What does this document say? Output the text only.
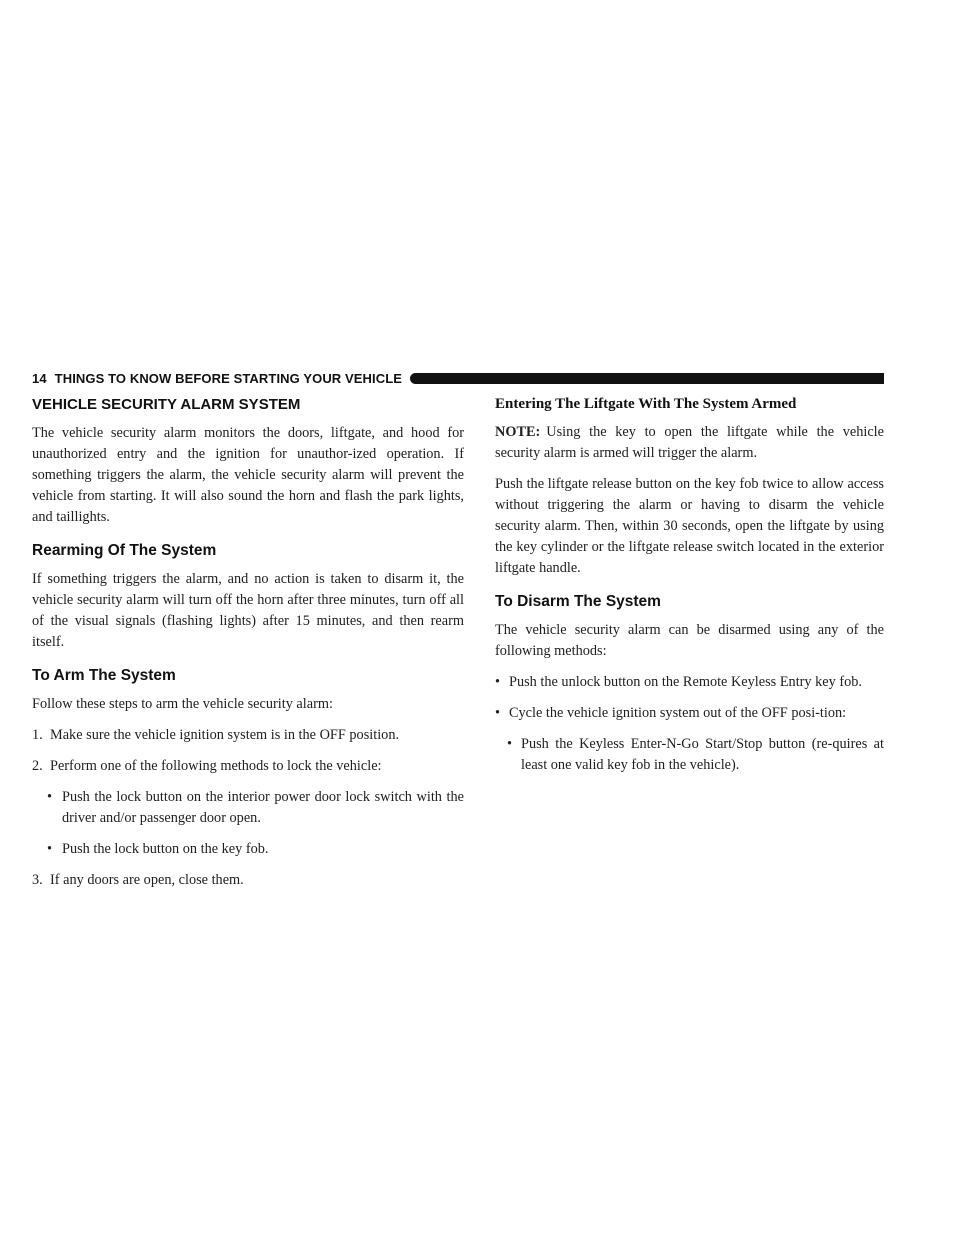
14 THINGS TO KNOW BEFORE STARTING YOUR VEHICLE
VEHICLE SECURITY ALARM SYSTEM

The vehicle security alarm monitors the doors, liftgate, and hood for unauthorized entry and the ignition for unauthor-ized operation. If something triggers the alarm, the vehicle security alarm will prevent the vehicle from starting. It will also sound the horn and flash the park lights, and taillights.

Rearming Of The System

If something triggers the alarm, and no action is taken to disarm it, the vehicle security alarm will turn off the horn after three minutes, turn off all of the visual signals (flashing lights) after 15 minutes, and then rearm itself.

To Arm The System

Follow these steps to arm the vehicle security alarm:

1. Make sure the vehicle ignition system is in the OFF position.
2. Perform one of the following methods to lock the vehicle:
• Push the lock button on the interior power door lock switch with the driver and/or passenger door open.
• Push the lock button on the key fob.
3. If any doors are open, close them.
Entering The Liftgate With The System Armed

NOTE: Using the key to open the liftgate while the vehicle security alarm is armed will trigger the alarm.

Push the liftgate release button on the key fob twice to allow access without triggering the alarm or having to disarm the vehicle security alarm. Then, within 30 seconds, open the liftgate by using the key cylinder or the liftgate release switch located in the exterior liftgate handle.

To Disarm The System

The vehicle security alarm can be disarmed using any of the following methods:

• Push the unlock button on the Remote Keyless Entry key fob.
• Cycle the vehicle ignition system out of the OFF posi-tion:
• Push the Keyless Enter-N-Go Start/Stop button (re-quires at least one valid key fob in the vehicle).
